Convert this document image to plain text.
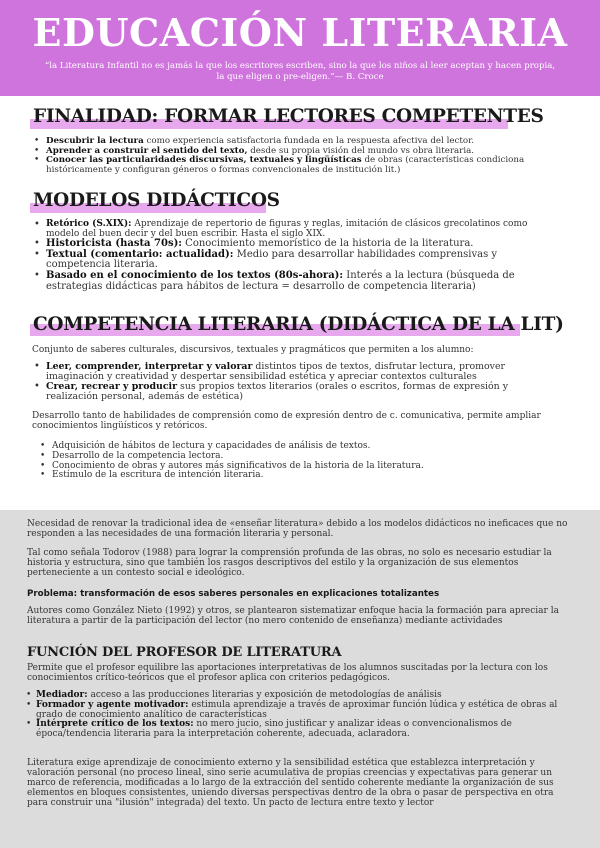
EDUCACIÓN LITERARIA
“la Literatura Infantil no es jamás la que los escritores escriben, sino la que los niños al leer aceptan y hacen propia, la que eligen o pre-eligen.”— B. Croce
FINALIDAD: FORMAR LECTORES COMPETENTES
• Descubrir la lectura como experiencia satisfactoria fundada en la respuesta afectiva del lector.
• Aprender a construir el sentido del texto, desde su propia visión del mundo vs obra literaria.
• Conocer las particularidades discursivas, textuales y lingüísticas de obras (características condiciona históricamente y configuran géneros o formas convencionales de institución lit.)
MODELOS DIDÁCTICOS
• Retórico (S.XIX): Aprendizaje de repertorio de figuras y reglas, imitación de clásicos grecolatinos como modelo del buen decir y del buen escribir. Hasta el siglo XIX.
• Historicista (hasta 70s): Conocimiento memorístico de la historia de la literatura.
• Textual (comentario: actualidad): Medio para desarrollar habilidades comprensivas y competencia literaria.
• Basado en el conocimiento de los textos (80s-ahora): Interés a la lectura (búsqueda de estrategias didácticas para hábitos de lectura = desarrollo de competencia literaria)
COMPETENCIA LITERARIA (DIDÁCTICA DE LA LIT)
Conjunto de saberes culturales, discursivos, textuales y pragmáticos que permiten a los alumno:
• Leer, comprender, interpretar y valorar distintos tipos de textos, disfrutar lectura, promover imaginación y creatividad y despertar sensibilidad estética y apreciar contextos culturales
• Crear, recrear y producir sus propios textos literarios (orales o escritos, formas de expresión y realización personal, además de estética)
Desarrollo tanto de habilidades de comprensión como de expresión dentro de c. comunicativa, permite ampliar conocimientos lingüísticos y retóricos.
• Adquisición de hábitos de lectura y capacidades de análisis de textos.
• Desarrollo de la competencia lectora.
• Conocimiento de obras y autores más significativos de la historia de la literatura.
• Estímulo de la escritura de intención literaria.
Necesidad de renovar la tradicional idea de «enseñar literatura» debido a los modelos didácticos no ineficaces que no responden a las necesidades de una formación literaria y personal.
Tal como señala Todorov (1988) para lograr la comprensión profunda de las obras, no solo es necesario estudiar la historia y estructura, sino que también los rasgos descriptivos del estilo y la organización de sus elementos perteneciente a un contesto social e ideológico.
Problema: transformación de esos saberes personales en explicaciones totalizantes
Autores como González Nieto (1992) y otros, se plantearon sistematizar enfoque hacia la formación para apreciar la literatura a partir de la participación del lector (no mero contenido de enseñanza) mediante actividades
FUNCIÓN DEL PROFESOR DE LITERATURA
Permite que el profesor equilibre las aportaciones interpretativas de los alumnos suscitadas por la lectura con los conocimientos crítico-teóricos que el profesor aplica con criterios pedagógicos.
• Mediador: acceso a las producciones literarias y exposición de metodologías de análisis
• Formador y agente motivador: estimula aprendizaje a través de aproximar función lúdica y estética de obras al grado de conocimiento analítico de características
• Intérprete crítico de los textos: no mero jucio, sino justificar y analizar ideas o convencionalismos de época/tendencia literaria para la interpretación coherente, adecuada, aclaradora.
Literatura exige aprendizaje de conocimiento externo y la sensibilidad estética que establezca interpretación y valoración personal (no proceso lineal, sino serie acumulativa de propias creencias y expectativas para generar un marco de referencia, modificadas a lo largo de la extracción del sentido coherente mediante la organización de sus elementos en bloques consistentes, uniendo diversas perspectivas dentro de la obra o pasar de perspectiva en otra para construir una "ilusión" integrada) del texto. Un pacto de lectura entre texto y lector
